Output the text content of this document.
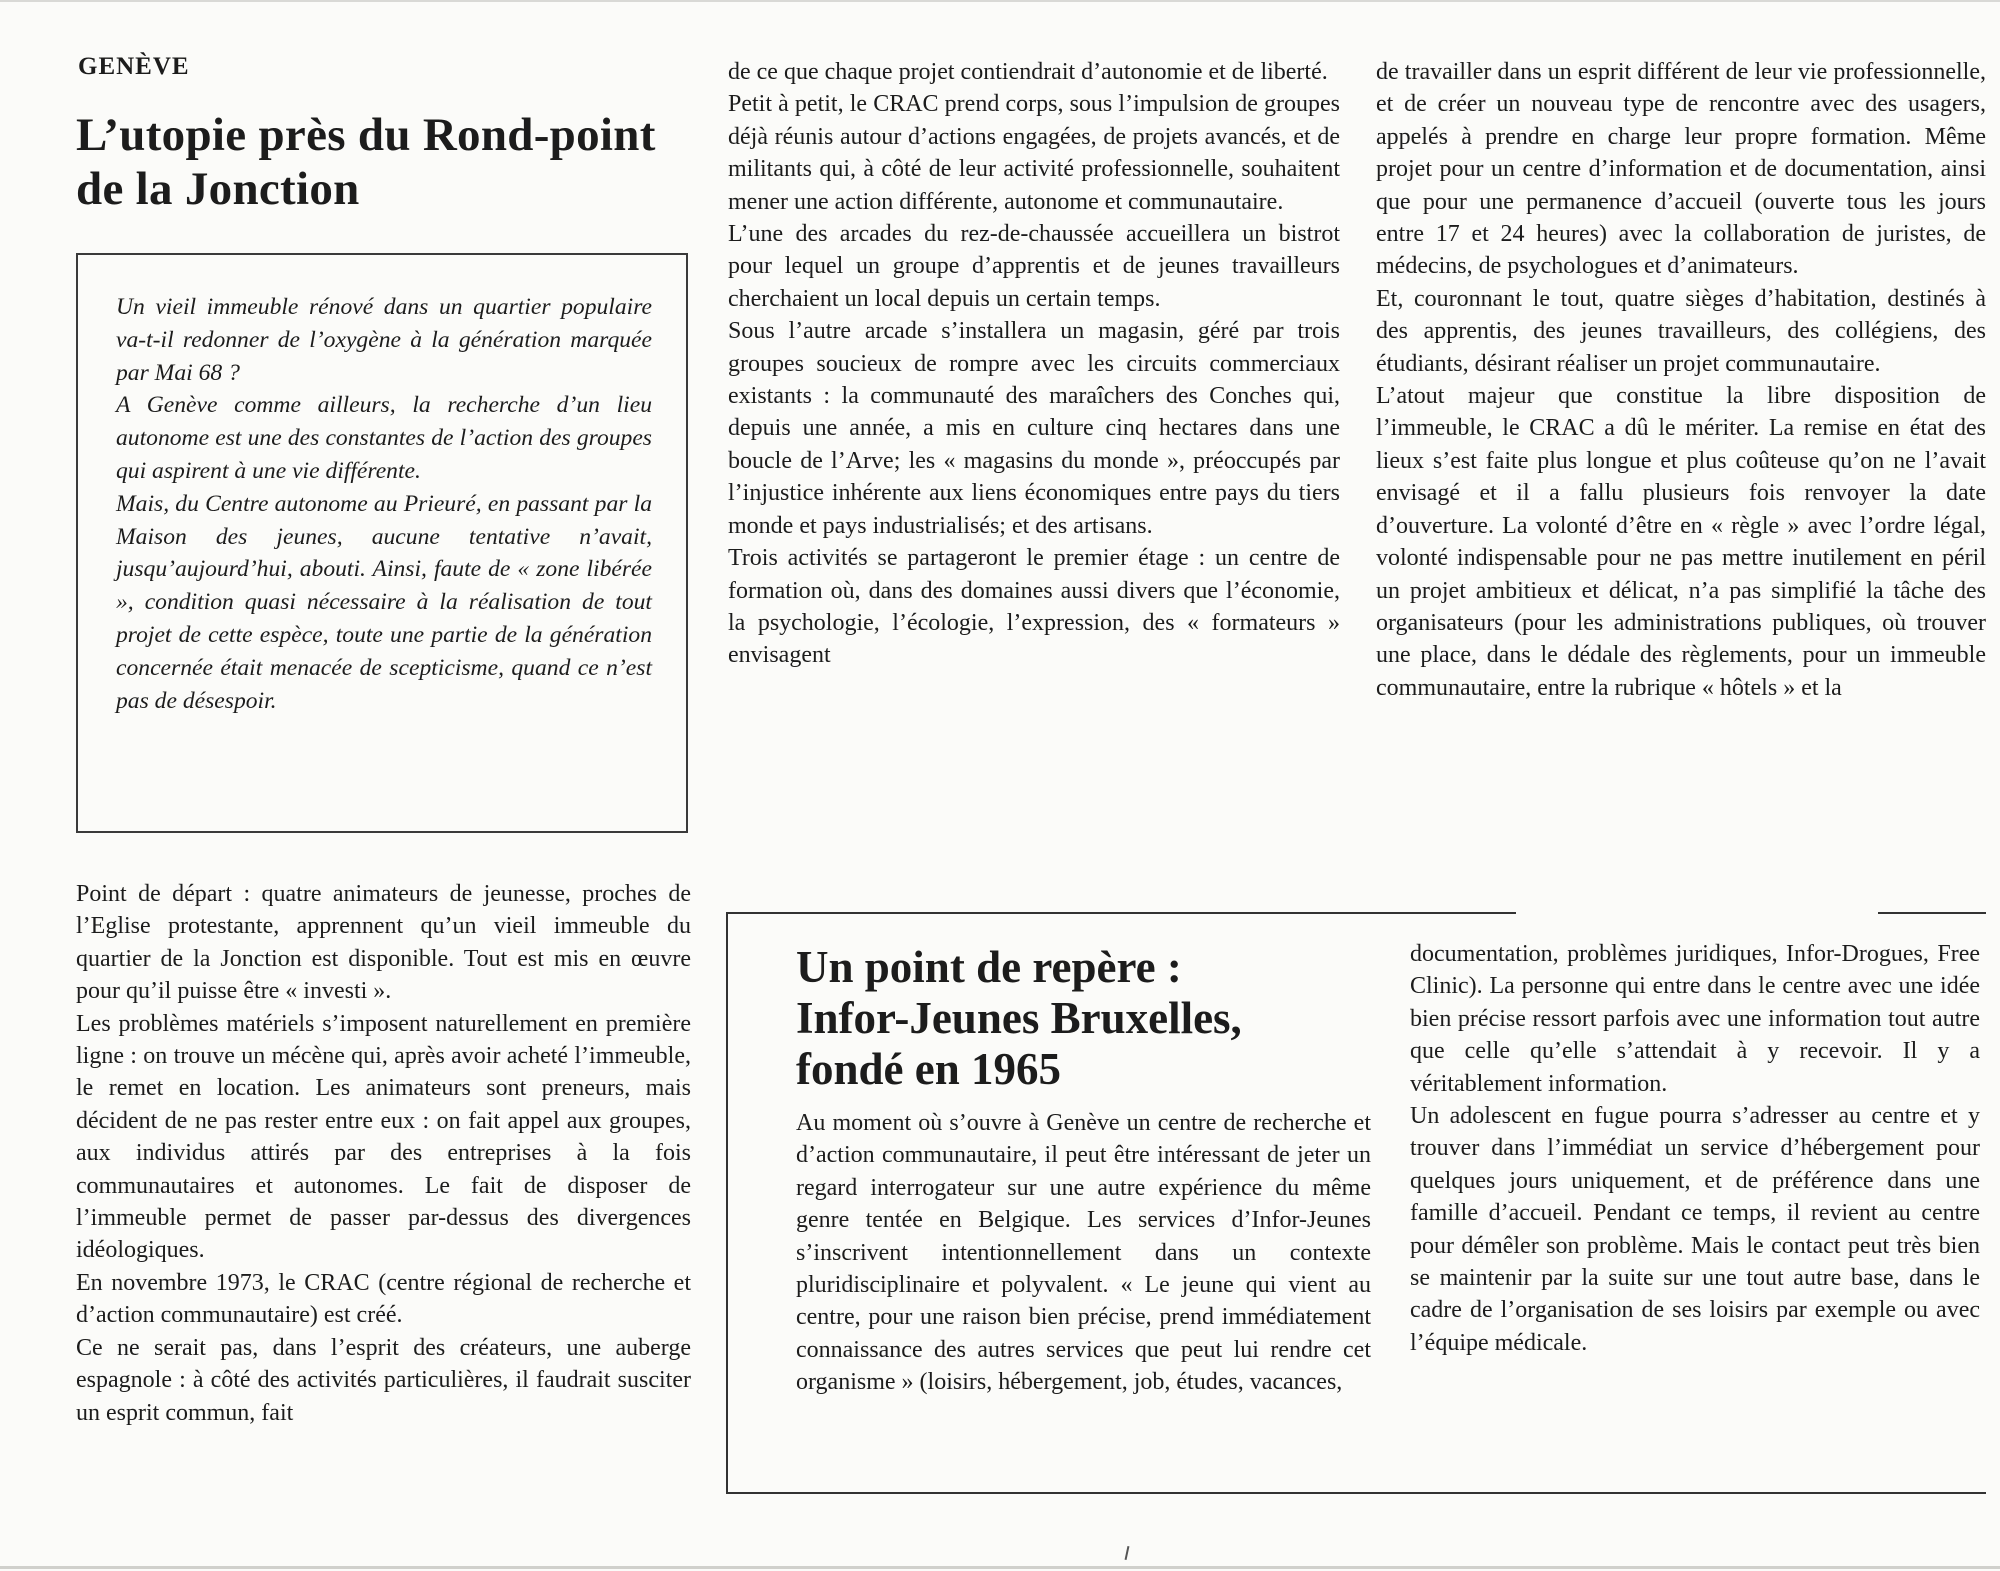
GENÈVE
L’utopie près du Rond-point
de la Jonction

Un vieil immeuble rénové dans un quartier populaire va-t-il redonner de l’oxygène à la génération marquée par Mai 68 ?

A Genève comme ailleurs, la recherche d’un lieu autonome est une des constantes de l’action des groupes qui aspirent à une vie différente.

Mais, du Centre autonome au Prieuré, en passant par la Maison des jeunes, aucune tentative n’avait, jusqu’aujourd’hui, abouti. Ainsi, faute de « zone libérée », condition quasi nécessaire à la réalisation de tout projet de cette espèce, toute une partie de la génération concernée était menacée de scepticisme, quand ce n’est pas de désespoir.

Point de départ : quatre animateurs de jeunesse, proches de l’Eglise protestante, apprennent qu’un vieil immeuble du quartier de la Jonction est disponible. Tout est mis en œuvre pour qu’il puisse être « investi ».

Les problèmes matériels s’imposent naturellement en première ligne : on trouve un mécène qui, après avoir acheté l’immeuble, le remet en location. Les animateurs sont preneurs, mais décident de ne pas rester entre eux : on fait appel aux groupes, aux individus attirés par des entreprises à la fois communautaires et autonomes. Le fait de disposer de l’immeuble permet de passer par-dessus des divergences idéologiques.

En novembre 1973, le CRAC (centre régional de recherche et d’action communautaire) est créé.

Ce ne serait pas, dans l’esprit des créateurs, une auberge espagnole : à côté des activités particulières, il faudrait susciter un esprit commun, fait

de ce que chaque projet contiendrait d’autonomie et de liberté.

Petit à petit, le CRAC prend corps, sous l’impulsion de groupes déjà réunis autour d’actions engagées, de projets avancés, et de militants qui, à côté de leur activité professionnelle, souhaitent mener une action différente, autonome et communautaire.

L’une des arcades du rez-de-chaussée accueillera un bistrot pour lequel un groupe d’apprentis et de jeunes travailleurs cherchaient un local depuis un certain temps.

Sous l’autre arcade s’installera un magasin, géré par trois groupes soucieux de rompre avec les circuits commerciaux existants : la communauté des maraîchers des Conches qui, depuis une année, a mis en culture cinq hectares dans une boucle de l’Arve; les « magasins du monde », préoccupés par l’injustice inhérente aux liens économiques entre pays du tiers monde et pays industrialisés; et des artisans.

Trois activités se partageront le premier étage : un centre de formation où, dans des domaines aussi divers que l’économie, la psychologie, l’écologie, l’expression, des « formateurs » envisagent

de travailler dans un esprit différent de leur vie professionnelle, et de créer un nouveau type de rencontre avec des usagers, appelés à prendre en charge leur propre formation. Même projet pour un centre d’information et de documentation, ainsi que pour une permanence d’accueil (ouverte tous les jours entre 17 et 24 heures) avec la collaboration de juristes, de médecins, de psychologues et d’animateurs.

Et, couronnant le tout, quatre sièges d’habitation, destinés à des apprentis, des jeunes travailleurs, des collégiens, des étudiants, désirant réaliser un projet communautaire.

L’atout majeur que constitue la libre disposition de l’immeuble, le CRAC a dû le mériter. La remise en état des lieux s’est faite plus longue et plus coûteuse qu’on ne l’avait envisagé et il a fallu plusieurs fois renvoyer la date d’ouverture. La volonté d’être en « règle » avec l’ordre légal, volonté indispensable pour ne pas mettre inutilement en péril un projet ambitieux et délicat, n’a pas simplifié la tâche des organisateurs (pour les administrations publiques, où trouver une place, dans le dédale des règlements, pour un immeuble communautaire, entre la rubrique « hôtels » et la

Un point de repère :
Infor-Jeunes Bruxelles,
fondé en 1965

Au moment où s’ouvre à Genève un centre de recherche et d’action communautaire, il peut être intéressant de jeter un regard interrogateur sur une autre expérience du même genre tentée en Belgique. Les services d’Infor-Jeunes s’inscrivent intentionnellement dans un contexte pluridisciplinaire et polyvalent. « Le jeune qui vient au centre, pour une raison bien précise, prend immédiatement connaissance des autres services que peut lui rendre cet organisme » (loisirs, hébergement, job, études, vacances,

documentation, problèmes juridiques, Infor-Drogues, Free Clinic). La personne qui entre dans le centre avec une idée bien précise ressort parfois avec une information tout autre que celle qu’elle s’attendait à y recevoir. Il y a véritablement information.

Un adolescent en fugue pourra s’adresser au centre et y trouver dans l’immédiat un service d’hébergement pour quelques jours uniquement, et de préférence dans une famille d’accueil. Pendant ce temps, il revient au centre pour démêler son problème. Mais le contact peut très bien se maintenir par la suite sur une tout autre base, dans le cadre de l’organisation de ses loisirs par exemple ou avec l’équipe médicale.
